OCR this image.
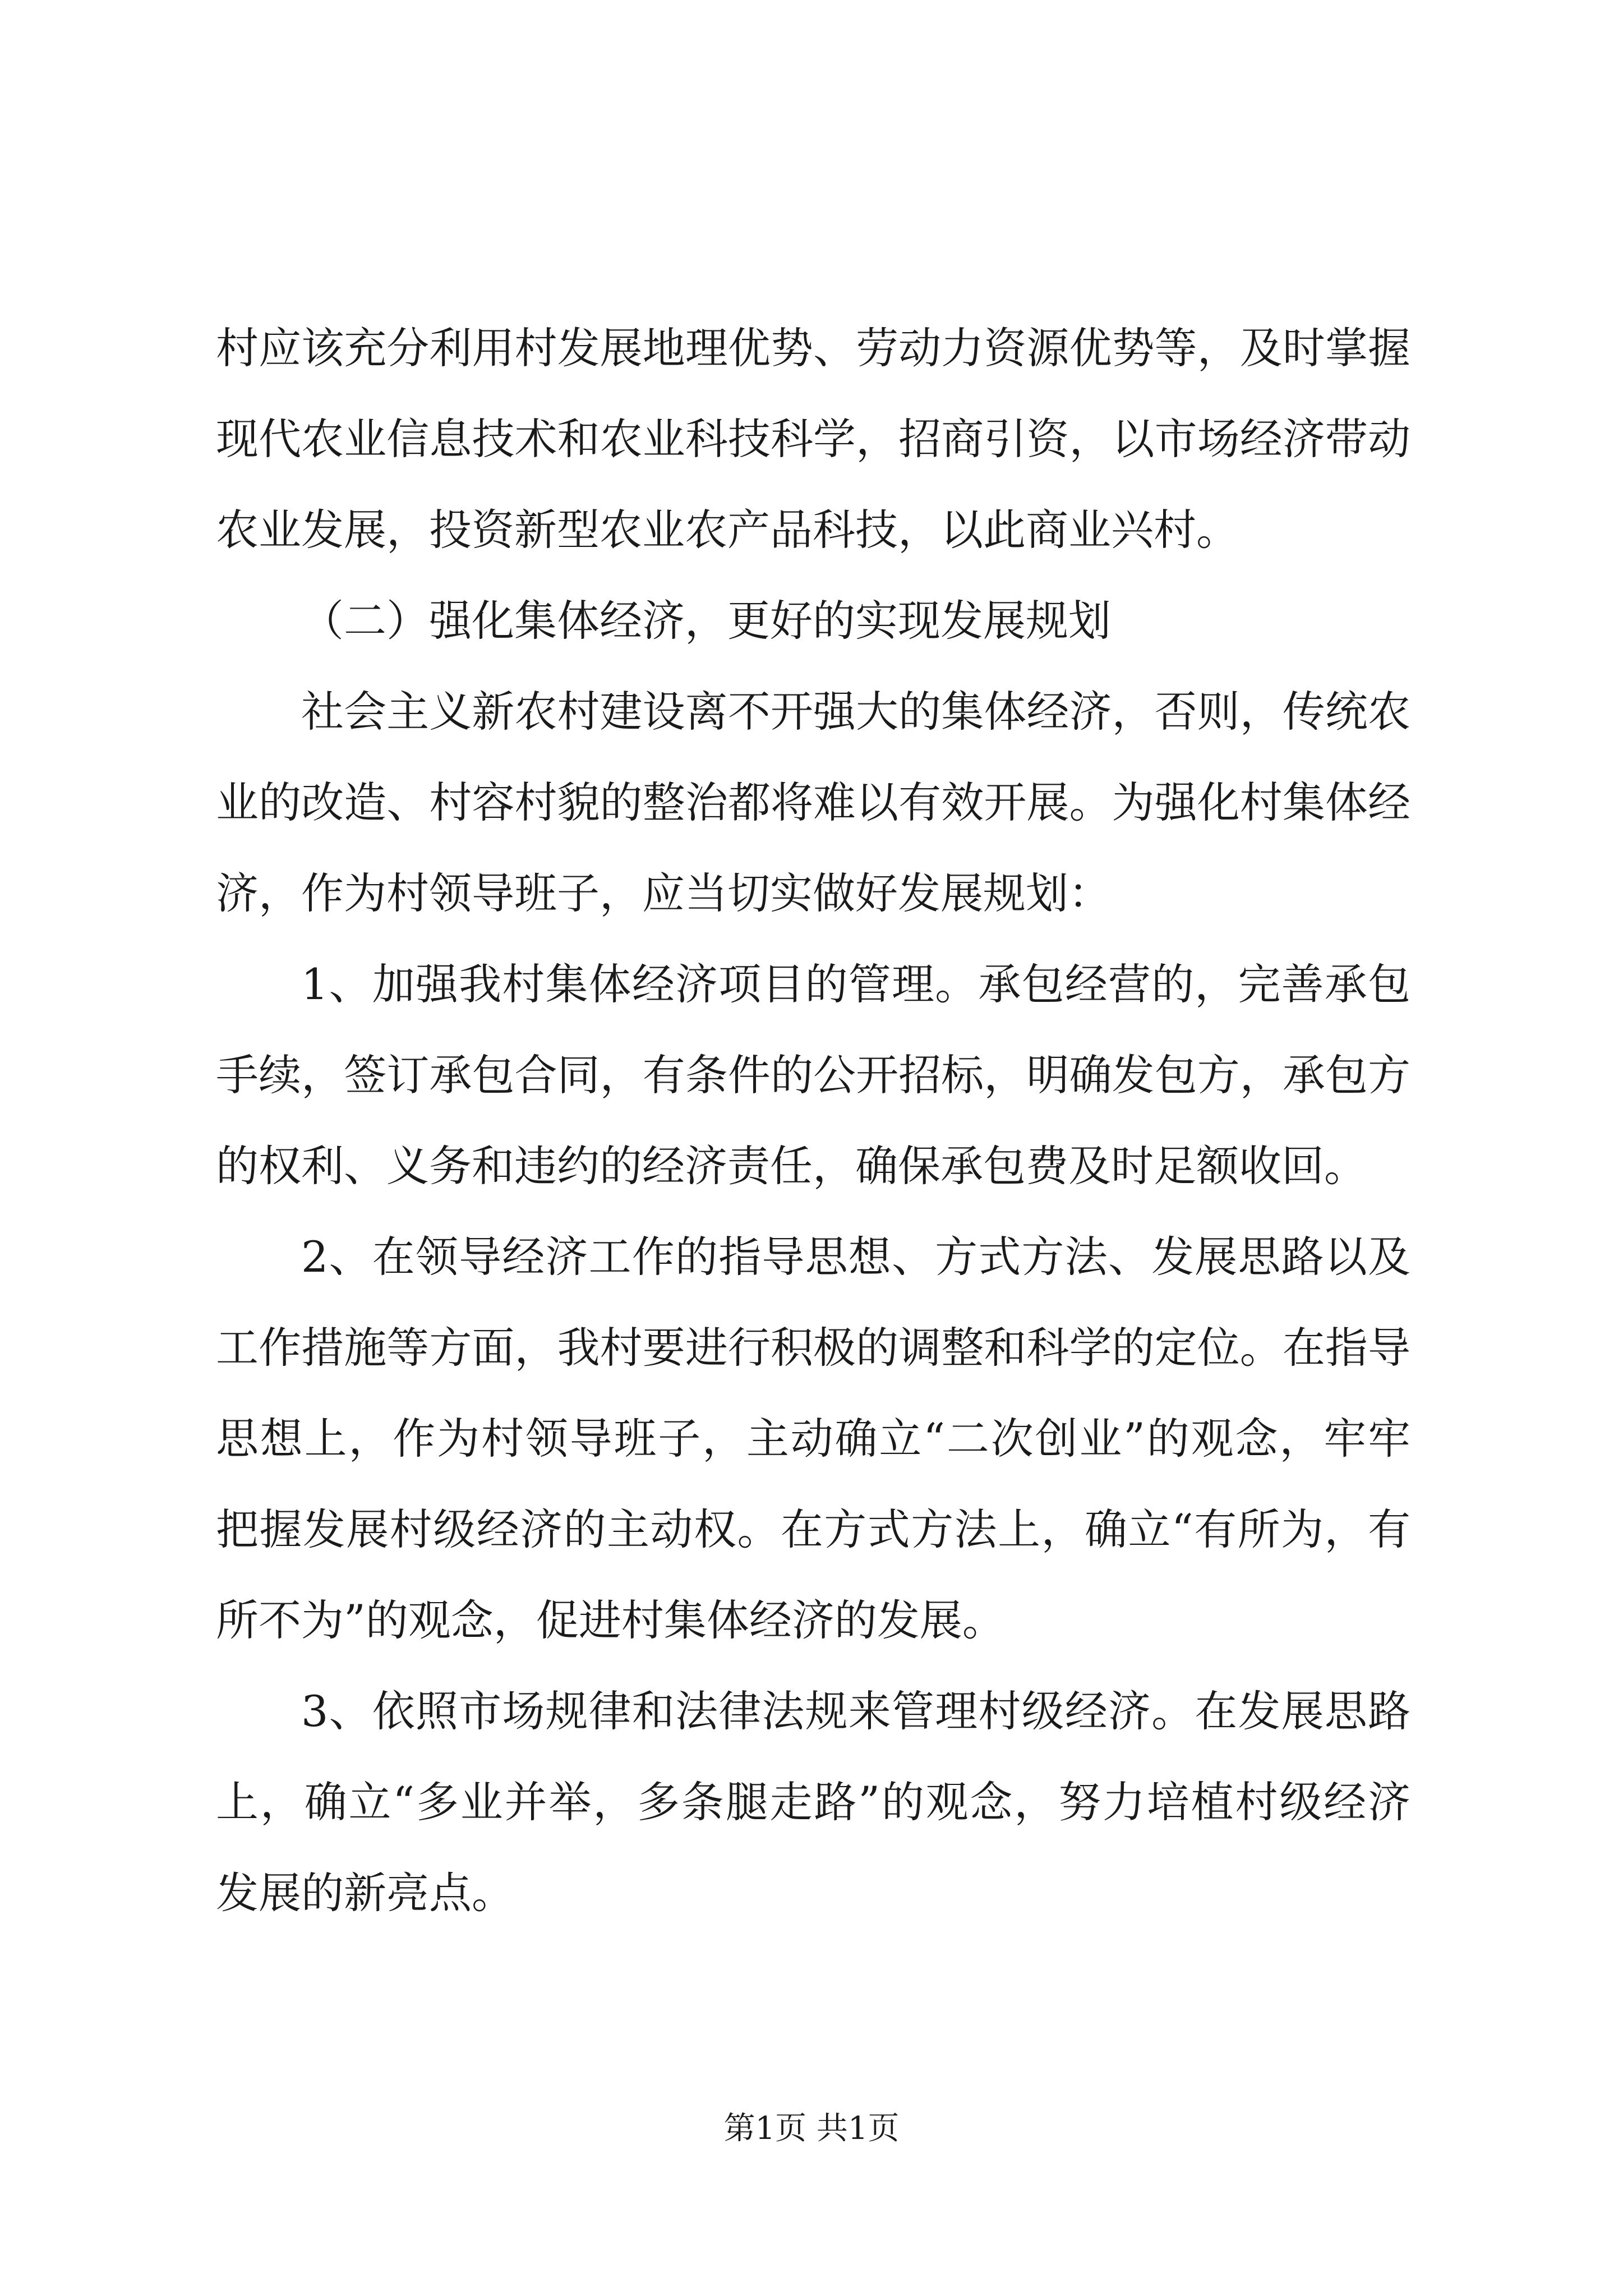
村应该充分利用村发展地理优势、劳动力资源优势等，及时掌握
现代农业信息技术和农业科技科学，招商引资，以市场经济带动
农业发展，投资新型农业农产品科技，以此商业兴村。
（二）强化集体经济，更好的实现发展规划
社会主义新农村建设离不开强大的集体经济，否则，传统农
业的改造、村容村貌的整治都将难以有效开展。为强化村集体经
济，作为村领导班子，应当切实做好发展规划：
1、加强我村集体经济项目的管理。承包经营的，完善承包
手续，签订承包合同，有条件的公开招标，明确发包方，承包方
的权利、义务和违约的经济责任，确保承包费及时足额收回。
2、在领导经济工作的指导思想、方式方法、发展思路以及
工作措施等方面，我村要进行积极的调整和科学的定位。在指导
思想上，作为村领导班子，主动确立“二次创业”的观念，牢牢
把握发展村级经济的主动权。在方式方法上，确立“有所为，有
所不为”的观念，促进村集体经济的发展。
3、依照市场规律和法律法规来管理村级经济。在发展思路
上，确立“多业并举，多条腿走路”的观念，努力培植村级经济
发展的新亮点。
第1页 共1页
